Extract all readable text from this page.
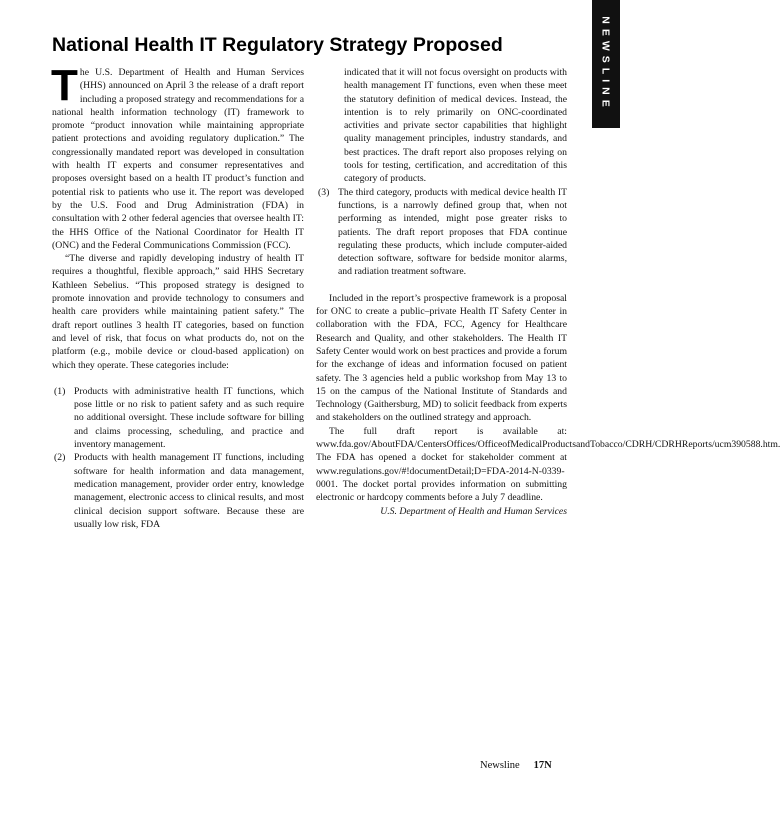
NEWSLINE
National Health IT Regulatory Strategy Proposed

The U.S. Department of Health and Human Services (HHS) announced on April 3 the release of a draft report including a proposed strategy and recommendations for a national health information technology (IT) framework to promote “product innovation while maintaining appropriate patient protections and avoiding regulatory duplication.” The congressionally mandated report was developed in consultation with health IT experts and consumer representatives and proposes oversight based on a health IT product’s function and potential risk to patients who use it. The report was developed by the U.S. Food and Drug Administration (FDA) in consultation with 2 other federal agencies that oversee health IT: the HHS Office of the National Coordinator for Health IT (ONC) and the Federal Communications Commission (FCC).

“The diverse and rapidly developing industry of health IT requires a thoughtful, flexible approach,” said HHS Secretary Kathleen Sebelius. “This proposed strategy is designed to promote innovation and provide technology to consumers and health care providers while maintaining patient safety.” The draft report outlines 3 health IT categories, based on function and level of risk, that focus on what products do, not on the platform (e.g., mobile device or cloud-based application) on which they operate. These categories include:

(1) Products with administrative health IT functions, which pose little or no risk to patient safety and as such require no additional oversight. These include software for billing and claims processing, scheduling, and practice and inventory management.
(2) Products with health management IT functions, including software for health information and data management, medication management, provider order entry, knowledge management, electronic access to clinical results, and most clinical decision support software. Because these are usually low risk, FDA

indicated that it will not focus oversight on products with health management IT functions, even when these meet the statutory definition of medical devices. Instead, the intention is to rely primarily on ONC-coordinated activities and private sector capabilities that highlight quality management principles, industry standards, and best practices. The draft report also proposes relying on tools for testing, certification, and accreditation of this category of products.

(3) The third category, products with medical device health IT functions, is a narrowly defined group that, when not performing as intended, might pose greater risks to patients. The draft report proposes that FDA continue regulating these products, which include computer-aided detection software, software for bedside monitor alarms, and radiation treatment software.

Included in the report’s prospective framework is a proposal for ONC to create a public–private Health IT Safety Center in collaboration with the FDA, FCC, Agency for Healthcare Research and Quality, and other stakeholders. The Health IT Safety Center would work on best practices and provide a forum for the exchange of ideas and information focused on patient safety. The 3 agencies held a public workshop from May 13 to 15 on the campus of the National Institute of Standards and Technology (Gaithersburg, MD) to solicit feedback from experts and stakeholders on the outlined strategy and approach.

The full draft report is available at: www.fda.gov/AboutFDA/CentersOffices/OfficeofMedicalProductsandTobacco/CDRH/CDRHReports/ucm390588.htm. The FDA has opened a docket for stakeholder comment at www.regulations.gov/#!documentDetail;D=FDA-2014-N-0339-0001. The docket portal provides information on submitting electronic or hardcopy comments before a July 7 deadline.

U.S. Department of Health and Human Services

Newsline 17N
